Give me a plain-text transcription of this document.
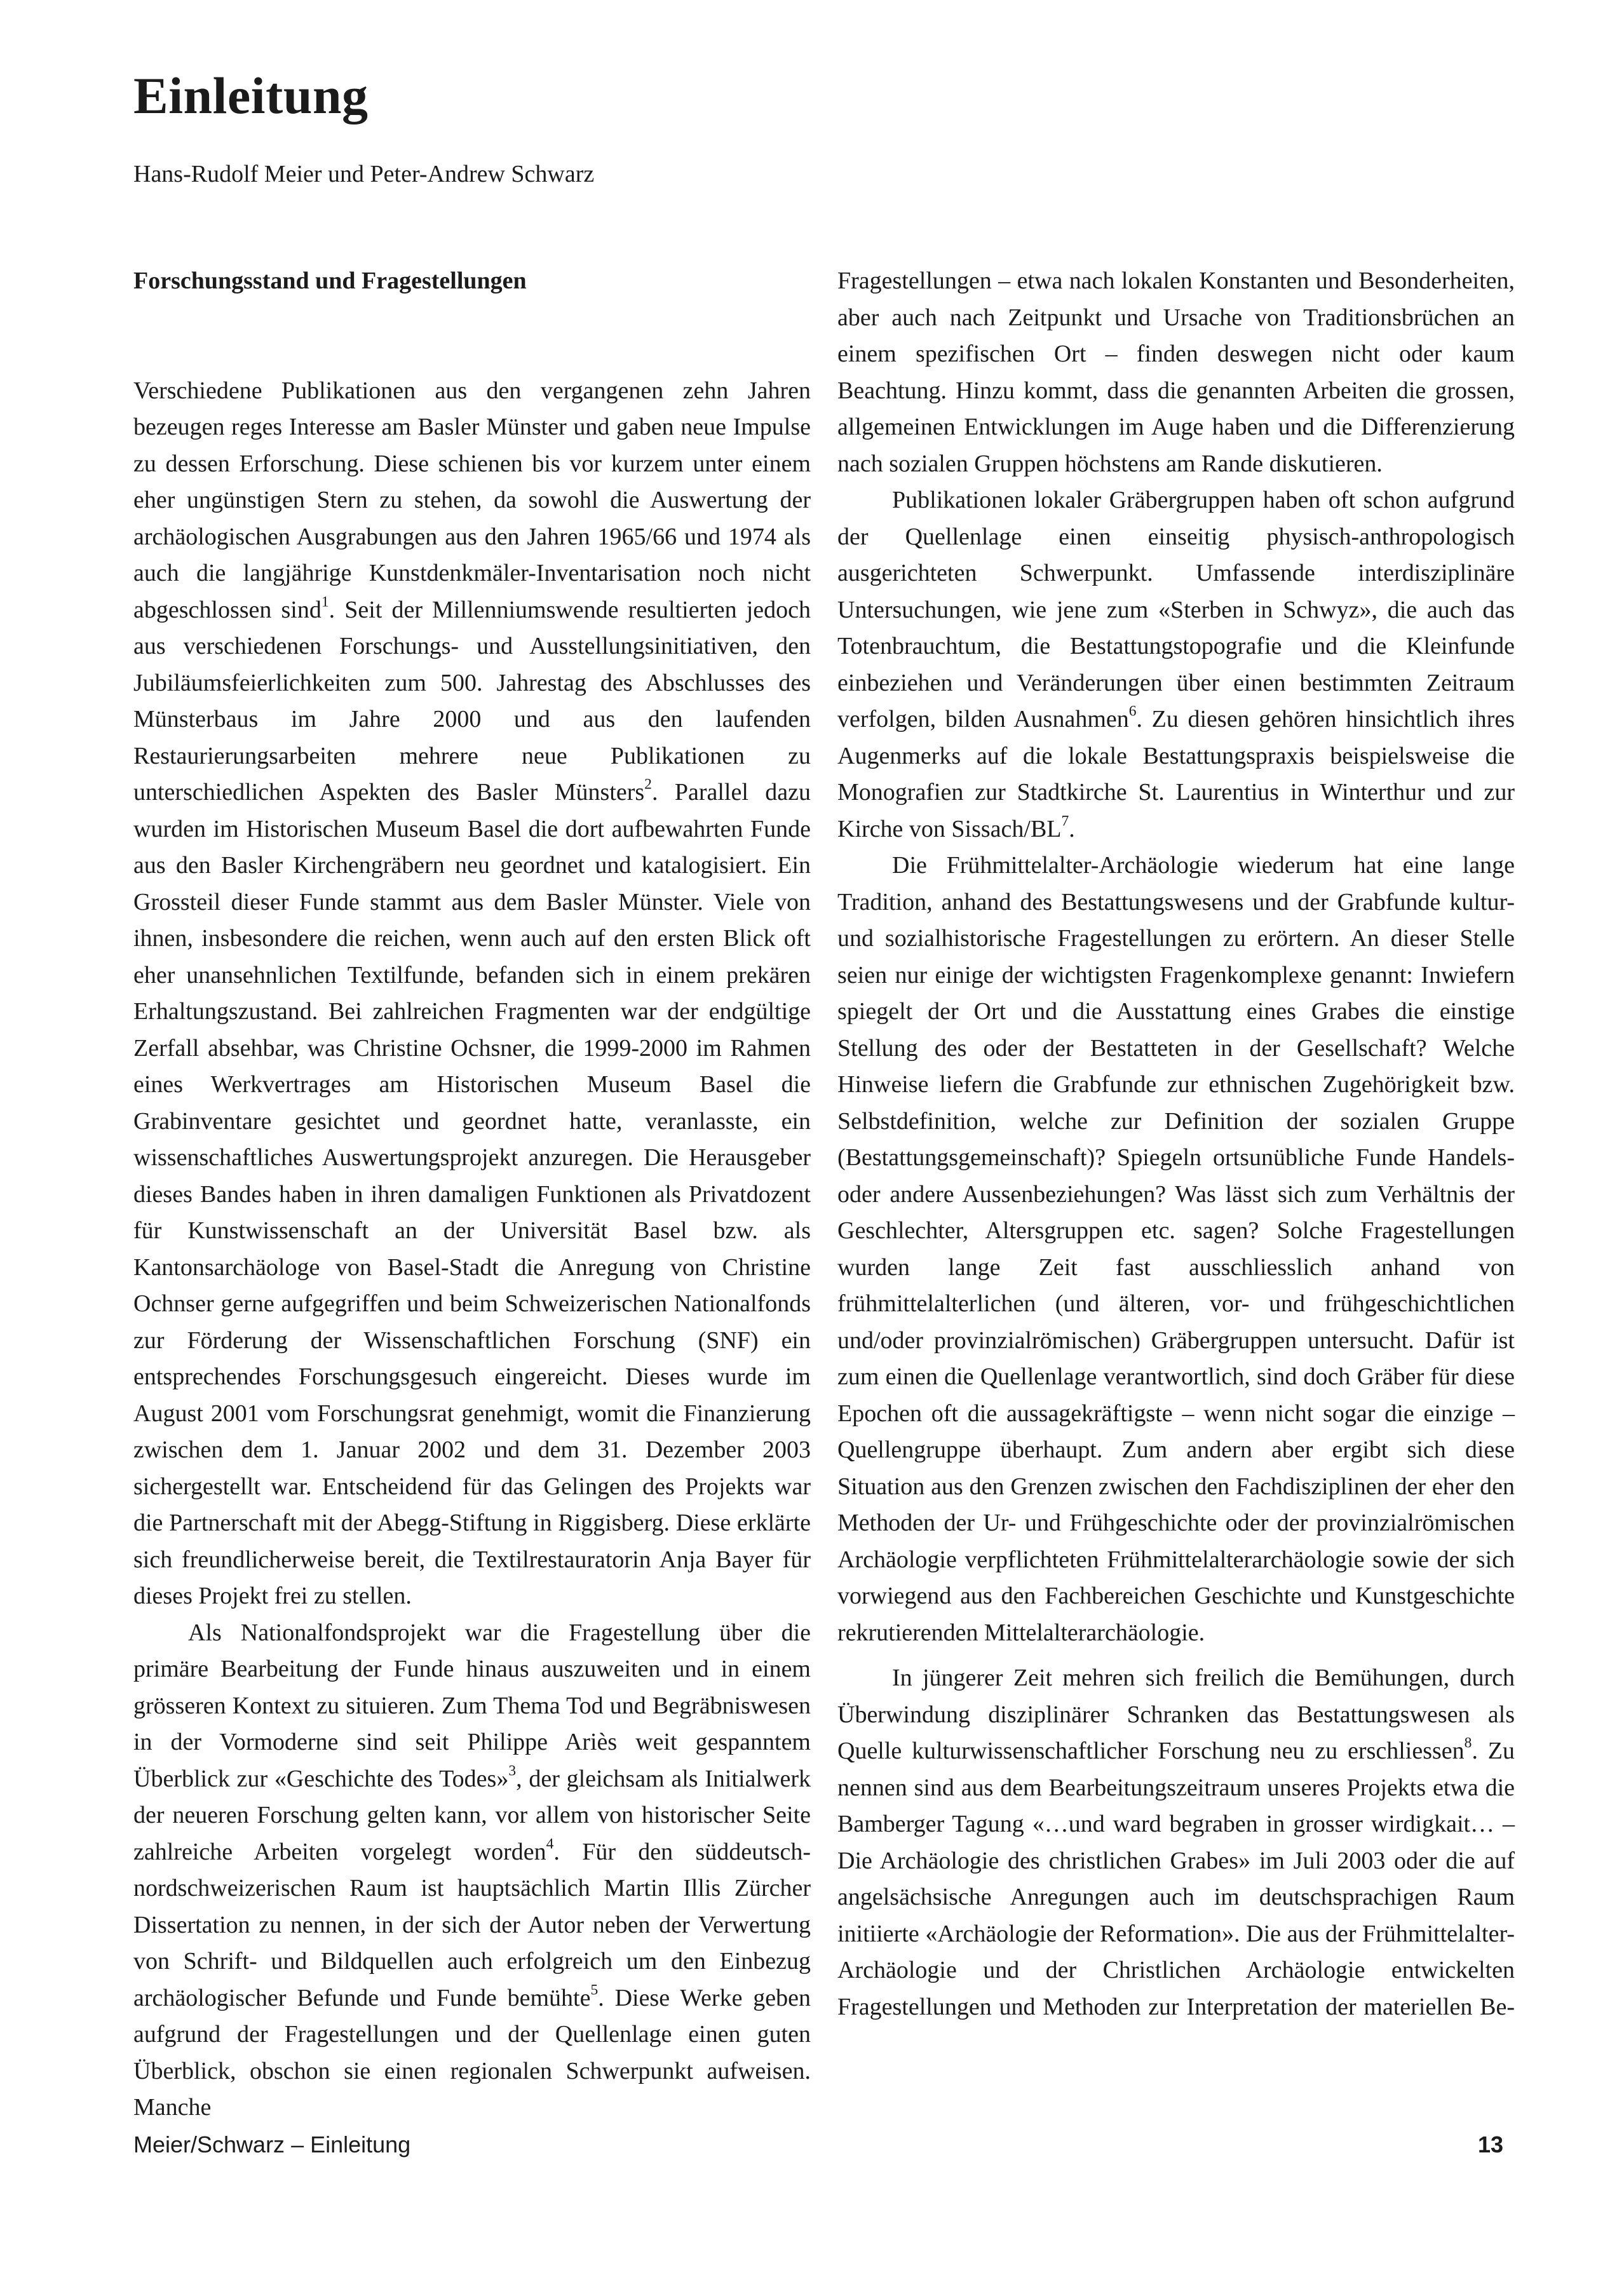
Einleitung

Hans-Rudolf Meier und Peter-Andrew Schwarz

Forschungsstand und Fragestellungen

Verschiedene Publikationen aus den vergangenen zehn Jahren bezeugen reges Interesse am Basler Münster und gaben neue Impulse zu dessen Erforschung. Diese schienen bis vor kurzem unter einem eher ungünstigen Stern zu stehen, da sowohl die Auswertung der archäologischen Ausgrabungen aus den Jahren 1965/66 und 1974 als auch die langjährige Kunstdenkmäler-Inventarisation noch nicht abgeschlossen sind$^1$. Seit der Millenniumswende resultierten jedoch aus verschiedenen Forschungs- und Ausstellungsinitiativen, den Jubiläumsfeierlichkeiten zum 500. Jahrestag des Abschlusses des Münsterbaus im Jahre 2000 und aus den laufenden Restaurierungsarbeiten mehrere neue Publikationen zu unterschiedlichen Aspekten des Basler Münsters$^2$. Parallel dazu wurden im Historischen Museum Basel die dort aufbewahrten Funde aus den Basler Kirchengräbern neu geordnet und katalogisiert. Ein Grossteil dieser Funde stammt aus dem Basler Münster. Viele von ihnen, insbesondere die reichen, wenn auch auf den ersten Blick oft eher unansehnlichen Textilfunde, befanden sich in einem prekären Erhaltungszustand. Bei zahlreichen Fragmenten war der endgültige Zerfall absehbar, was Christine Ochsner, die 1999-2000 im Rahmen eines Werkvertrages am Historischen Museum Basel die Grabinventare gesichtet und geordnet hatte, veranlasste, ein wissenschaftliches Auswertungsprojekt anzuregen. Die Herausgeber dieses Bandes haben in ihren damaligen Funktionen als Privatdozent für Kunstwissenschaft an der Universität Basel bzw. als Kantonsarchäologe von Basel-Stadt die Anregung von Christine Ochnser gerne aufgegriffen und beim Schweizerischen Nationalfonds zur Förderung der Wissenschaftlichen Forschung (SNF) ein entsprechendes Forschungsgesuch eingereicht. Dieses wurde im August 2001 vom Forschungsrat genehmigt, womit die Finanzierung zwischen dem 1. Januar 2002 und dem 31. Dezember 2003 sichergestellt war. Entscheidend für das Gelingen des Projekts war die Partnerschaft mit der Abegg-Stiftung in Riggisberg. Diese erklärte sich freundlicherweise bereit, die Textilrestauratorin Anja Bayer für dieses Projekt frei zu stellen.

Als Nationalfondsprojekt war die Fragestellung über die primäre Bearbeitung der Funde hinaus auszuweiten und in einem grösseren Kontext zu situieren. Zum Thema Tod und Begräbniswesen in der Vormoderne sind seit Philippe Ariès weit gespanntem Überblick zur «Geschichte des Todes»$^3$, der gleichsam als Initialwerk der neueren Forschung gelten kann, vor allem von historischer Seite zahlreiche Arbeiten vorgelegt worden$^4$. Für den süddeutsch-nordschweizerischen Raum ist hauptsächlich Martin Illis Zürcher Dissertation zu nennen, in der sich der Autor neben der Verwertung von Schrift- und Bildquellen auch erfolgreich um den Einbezug archäologischer Befunde und Funde bemühte$^5$. Diese Werke geben aufgrund der Fragestellungen und der Quellenlage einen guten Überblick, obschon sie einen regionalen Schwerpunkt aufweisen. Manche

Fragestellungen – etwa nach lokalen Konstanten und Besonderheiten, aber auch nach Zeitpunkt und Ursache von Traditionsbrüchen an einem spezifischen Ort – finden deswegen nicht oder kaum Beachtung. Hinzu kommt, dass die genannten Arbeiten die grossen, allgemeinen Entwicklungen im Auge haben und die Differenzierung nach sozialen Gruppen höchstens am Rande diskutieren.

Publikationen lokaler Gräbergruppen haben oft schon aufgrund der Quellenlage einen einseitig physisch-anthropologisch ausgerichteten Schwerpunkt. Umfassende interdisziplinäre Untersuchungen, wie jene zum «Sterben in Schwyz», die auch das Totenbrauchtum, die Bestattungstopografie und die Kleinfunde einbeziehen und Veränderungen über einen bestimmten Zeitraum verfolgen, bilden Ausnahmen$^6$. Zu diesen gehören hinsichtlich ihres Augenmerks auf die lokale Bestattungspraxis beispielsweise die Monografien zur Stadtkirche St. Laurentius in Winterthur und zur Kirche von Sissach/$BL^7$.

Die Frühmittelalter-Archäologie wiederum hat eine lange Tradition, anhand des Bestattungswesens und der Grabfunde kultur- und sozialhistorische Fragestellungen zu erörtern. An dieser Stelle seien nur einige der wichtigsten Fragenkomplexe genannt: Inwiefern spiegelt der Ort und die Ausstattung eines Grabes die einstige Stellung des oder der Bestatteten in der Gesellschaft? Welche Hinweise liefern die Grabfunde zur ethnischen Zugehörigkeit bzw. Selbstdefinition, welche zur Definition der sozialen Gruppe (Bestattungsgemeinschaft)? Spiegeln ortsunübliche Funde Handels- oder andere Aussenbeziehungen? Was lässt sich zum Verhältnis der Geschlechter, Altersgruppen etc. sagen? Solche Fragestellungen wurden lange Zeit fast ausschliesslich anhand von frühmittelalterlichen (und älteren, vor- und frühgeschichtlichen und/oder provinzialrömischen) Gräbergruppen untersucht. Dafür ist zum einen die Quellenlage verantwortlich, sind doch Gräber für diese Epochen oft die aussagekräftigste – wenn nicht sogar die einzige – Quellengruppe überhaupt. Zum andern aber ergibt sich diese Situation aus den Grenzen zwischen den Fachdisziplinen der eher den Methoden der Ur- und Frühgeschichte oder der provinzialrömischen Archäologie verpflichteten Frühmittelalterarchäologie sowie der sich vorwiegend aus den Fachbereichen Geschichte und Kunstgeschichte rekrutierenden Mittelalterarchäologie.

In jüngerer Zeit mehren sich freilich die Bemühungen, durch Überwindung disziplinärer Schranken das Bestattungswesen als Quelle kulturwissenschaftlicher Forschung neu zu erschliessen$^8$. Zu nennen sind aus dem Bearbeitungszeitraum unseres Projekts etwa die Bamberger Tagung «…und ward begraben in grosser wirdigkait… – Die Archäologie des christlichen Grabes» im Juli 2003 oder die auf angelsächsische Anregungen auch im deutschsprachigen Raum initiierte «Archäologie der Reformation». Die aus der Frühmittelalter-Archäologie und der Christlichen Archäologie entwickelten Fragestellungen und Methoden zur Interpretation der materiellen Be-

Meier/Schwarz – Einleitung	13
